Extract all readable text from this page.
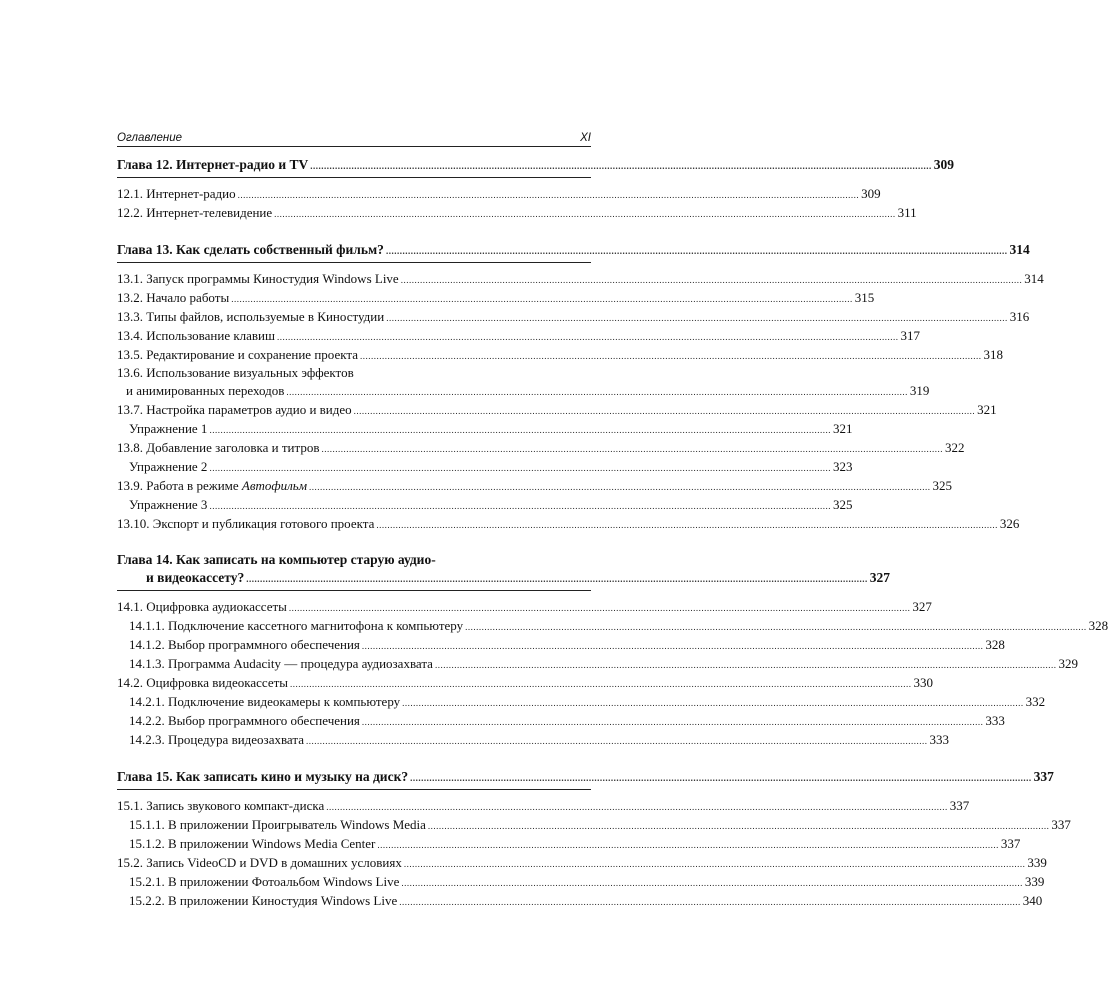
Оглавление	XI
Глава 12. Интернет-радио и TV .................................................................................................................................................................................................................................. 309
12.1. Интернет-радио .................................................................................................................................................................................................................................. 309
12.2. Интернет-телевидение .................................................................................................................................................................................................................................. 311
Глава 13. Как сделать собственный фильм? .................................................................................................................................................................................................................................. 314
13.1. Запуск программы Киностудия Windows Live .................................................................................................................................................................................................................................. 314
13.2. Начало работы .................................................................................................................................................................................................................................. 315
13.3. Типы файлов, используемые в Киностудии .................................................................................................................................................................................................................................. 316
13.4. Использование клавиш .................................................................................................................................................................................................................................. 317
13.5. Редактирование и сохранение проекта .................................................................................................................................................................................................................................. 318
13.6. Использование визуальных эффектов
и анимированных переходов .................................................................................................................................................................................................................................. 319
13.7. Настройка параметров аудио и видео .................................................................................................................................................................................................................................. 321
Упражнение 1 .................................................................................................................................................................................................................................. 321
13.8. Добавление заголовка и титров .................................................................................................................................................................................................................................. 322
Упражнение 2 .................................................................................................................................................................................................................................. 323
13.9. Работа в режиме Автофильм .................................................................................................................................................................................................................................. 325
Упражнение 3 .................................................................................................................................................................................................................................. 325
13.10. Экспорт и публикация готового проекта .................................................................................................................................................................................................................................. 326
Глава 14. Как записать на компьютер старую аудио-
и видеокассету? .................................................................................................................................................................................................................................. 327
14.1. Оцифровка аудиокассеты .................................................................................................................................................................................................................................. 327
14.1.1. Подключение кассетного магнитофона к компьютеру .................................................................................................................................................................................................................................. 328
14.1.2. Выбор программного обеспечения .................................................................................................................................................................................................................................. 328
14.1.3. Программа Audacity — процедура аудиозахвата .................................................................................................................................................................................................................................. 329
14.2. Оцифровка видеокассеты .................................................................................................................................................................................................................................. 330
14.2.1. Подключение видеокамеры к компьютеру .................................................................................................................................................................................................................................. 332
14.2.2. Выбор программного обеспечения .................................................................................................................................................................................................................................. 333
14.2.3. Процедура видеозахвата .................................................................................................................................................................................................................................. 333
Глава 15. Как записать кино и музыку на диск? .................................................................................................................................................................................................................................. 337
15.1. Запись звукового компакт-диска .................................................................................................................................................................................................................................. 337
15.1.1. В приложении Проигрыватель Windows Media .................................................................................................................................................................................................................................. 337
15.1.2. В приложении Windows Media Center .................................................................................................................................................................................................................................. 337
15.2. Запись VideoCD и DVD в домашних условиях .................................................................................................................................................................................................................................. 339
15.2.1. В приложении Фотоальбом Windows Live .................................................................................................................................................................................................................................. 339
15.2.2. В приложении Киностудия Windows Live .................................................................................................................................................................................................................................. 340
